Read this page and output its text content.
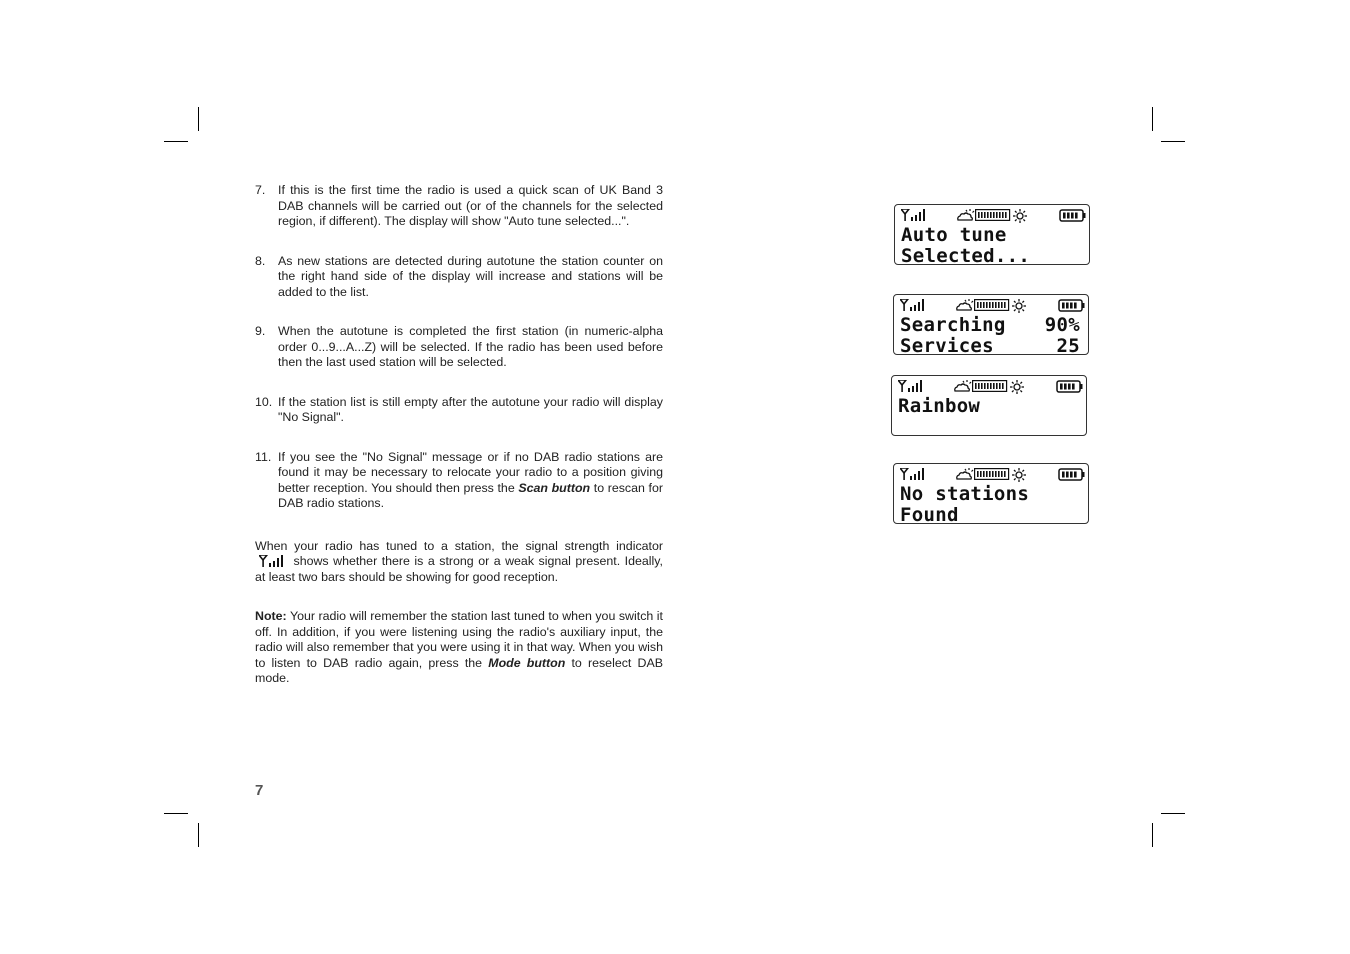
7.	If this is the first time the radio is used a quick scan of UK Band 3 DAB channels will be carried out (or of the channels for the selected region, if different). The display will show "Auto tune selected...".
8.	As new stations are detected during autotune the station counter on the right hand side of the display will increase and stations will be added to the list.
9.	When the autotune is completed the first station (in numeric-alpha order 0...9...A...Z) will be selected. If the radio has been used before then the last used station will be selected.
10. If the station list is still empty after the autotune your radio will display "No Signal".
11. If you see the "No Signal" message or if no DAB radio stations are found it may be necessary to relocate your radio to a position giving better reception. You should then press the Scan button to rescan for DAB radio stations.
When your radio has tuned to a station, the signal strength indicator  shows whether there is a strong or a weak signal present. Ideally, at least two bars should be showing for good reception.
Note: Your radio will remember the station last tuned to when you switch it off. In addition, if you were listening using the radio's auxiliary input, the radio will also remember that you were using it in that way. When you wish to listen to DAB radio again, press the Mode button to reselect DAB mode.
7
Auto tune
Selected...
Searching 90%
Services	25
Rainbow
No stations
Found
